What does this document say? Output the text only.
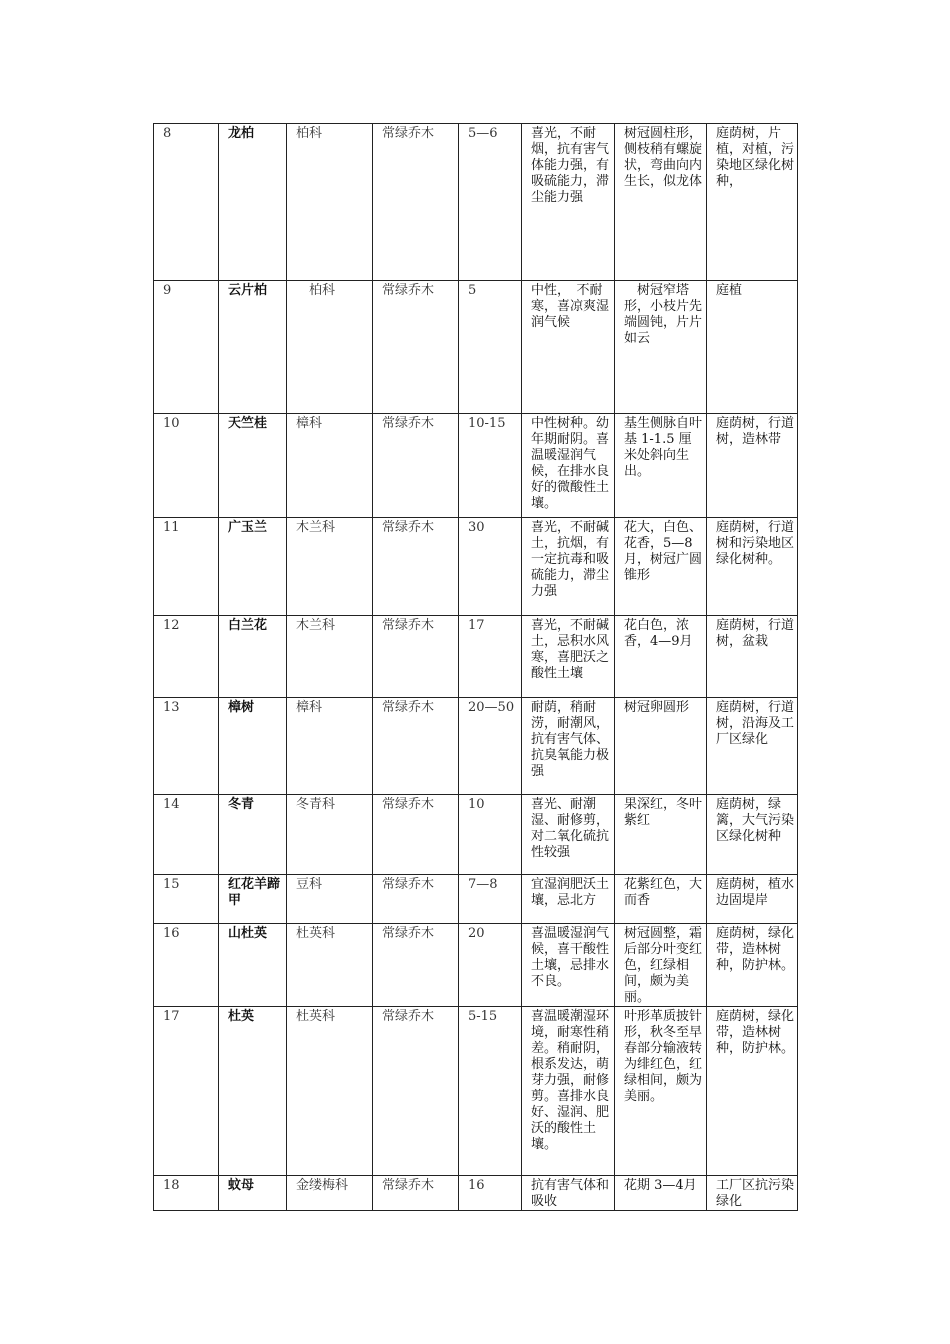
8	龙柏	柏科	常绿乔木	5—6	喜光，不耐烟，抗有害气体能力强，有吸硫能力，滞尘能力强	树冠圆柱形，侧枝稍有螺旋状，弯曲向内生长，似龙体	庭荫树，片植，对植，污染地区绿化树种，
9	云片柏	　柏科	常绿乔木	5	中性，　不耐寒，喜凉爽湿润气候	　树冠窄塔形，小枝片先端圆钝，片片如云	庭植
10	天竺桂	樟科	常绿乔木	10-15	中性树种。幼年期耐阴。喜温暖湿润气候，在排水良好的微酸性土壤。	基生侧脉自叶基 1-1.5 厘米处斜向生出。	庭荫树，行道树，造林带
11	广玉兰	木兰科	常绿乔木	30	喜光，不耐碱土，抗烟，有一定抗毒和吸硫能力，滞尘力强	花大，白色、花香，5—8月，树冠广圆锥形	庭荫树，行道树和污染地区绿化树种。
12	白兰花	木兰科	常绿乔木	17	喜光，不耐碱土，忌积水风寒，喜肥沃之酸性土壤	花白色，浓香，4—9月	庭荫树，行道树，盆栽
13	樟树	樟科	常绿乔木	20—50	耐荫，稍耐涝，耐潮风，抗有害气体、抗臭氧能力极强	树冠卵圆形	庭荫树，行道树，沿海及工厂区绿化
14	冬青	冬青科	常绿乔木	10	喜光、耐潮湿、耐修剪，对二氧化硫抗性较强	果深红，冬叶紫红	庭荫树，绿篱，大气污染区绿化树种
15	红花羊蹄甲	豆科	常绿乔木	7—8	宜湿润肥沃土壤，忌北方	花紫红色，大而香	庭荫树，植水边固堤岸
16	山杜英	杜英科	常绿乔木	20	喜温暖湿润气候，喜干酸性土壤，忌排水不良。	树冠圆整，霜后部分叶变红色，红绿相间，颇为美丽。	庭荫树，绿化带，造林树种，防护林。
17	杜英	杜英科	常绿乔木	5-15	喜温暖潮湿环境，耐寒性稍差。稍耐阴，根系发达，萌芽力强，耐修剪。喜排水良好、湿润、肥沃的酸性土壤。	叶形革质披针形，秋冬至早春部分输液转为绯红色，红绿相间，颇为美丽。	庭荫树，绿化带，造林树种，防护林。
18	蚊母	金缕梅科	常绿乔木	16	抗有害气体和吸收	花期 3—4月	工厂区抗污染绿化
